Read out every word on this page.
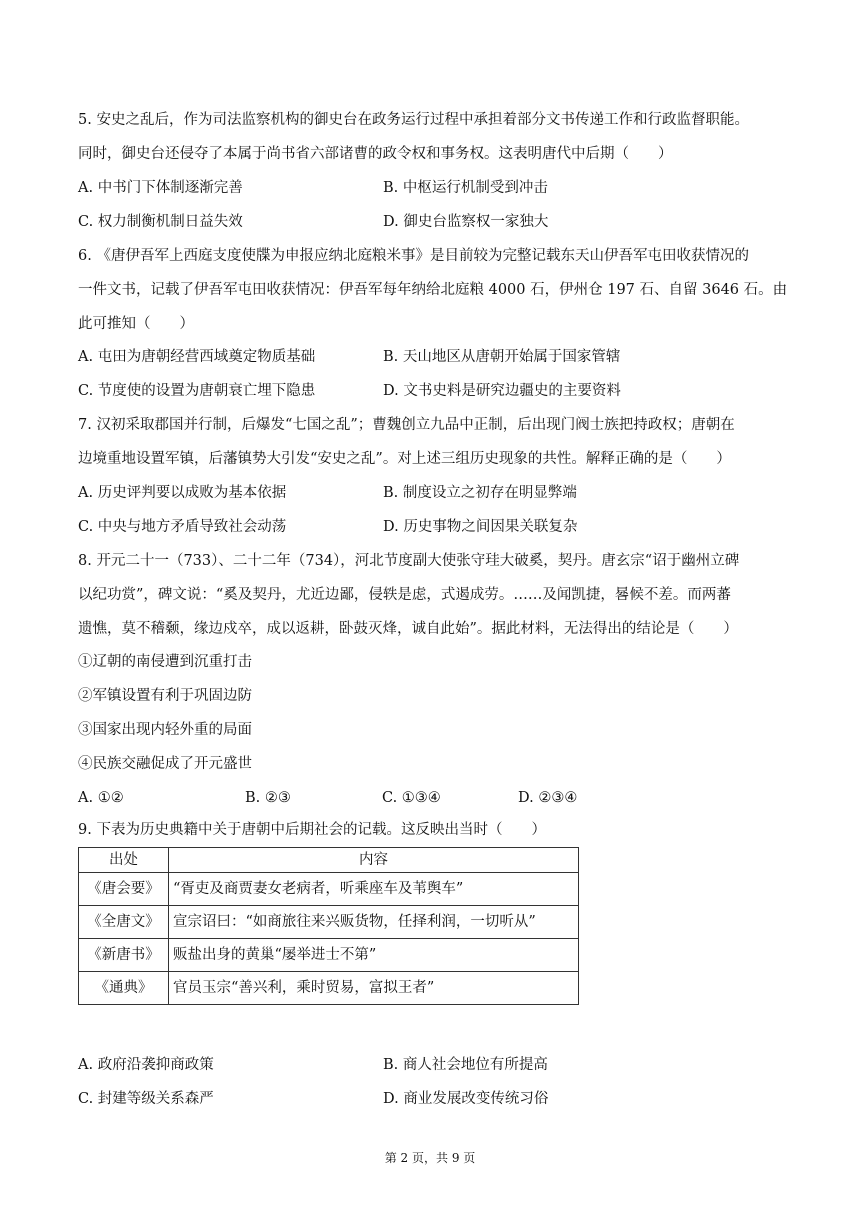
5. 安史之乱后，作为司法监察机构的御史台在政务运行过程中承担着部分文书传递工作和行政监督职能。
同时，御史台还侵夺了本属于尚书省六部诸曹的政令权和事务权。这表明唐代中后期（　　）
A. 中书门下体制逐渐完善	B. 中枢运行机制受到冲击
C. 权力制衡机制日益失效	D. 御史台监察权一家独大
6. 《唐伊吾军上西庭支度使牒为申报应纳北庭粮米事》是目前较为完整记载东天山伊吾军屯田收获情况的
一件文书，记载了伊吾军屯田收获情况：伊吾军每年纳给北庭粮 4000 石，伊州仓 197 石、自留 3646 石。由
此可推知（　　）
A. 屯田为唐朝经营西域奠定物质基础	B. 天山地区从唐朝开始属于国家管辖
C. 节度使的设置为唐朝衰亡埋下隐患	D. 文书史料是研究边疆史的主要资料
7. 汉初采取郡国并行制，后爆发“七国之乱”；曹魏创立九品中正制，后出现门阀士族把持政权；唐朝在
边境重地设置军镇，后藩镇势大引发“安史之乱”。对上述三组历史现象的共性。解释正确的是（　　）
A. 历史评判要以成败为基本依据	B. 制度设立之初存在明显弊端
C. 中央与地方矛盾导致社会动荡	D. 历史事物之间因果关联复杂
8. 开元二十一（733）、二十二年（734），河北节度副大使张守珪大破奚，契丹。唐玄宗“诏于幽州立碑
以纪功赏”，碑文说：“奚及契丹，尤近边鄙，侵轶是虑，式遏成劳。……及闻凯捷，晷候不差。而两蕃
遗憔，莫不稽颡，缘边戍卒，成以返耕，卧鼓灭烽，诚自此始”。据此材料，无法得出的结论是（　　）
①辽朝的南侵遭到沉重打击
②军镇设置有利于巩固边防
③国家出现内轻外重的局面
④民族交融促成了开元盛世
A. ①②	B. ②③	C. ①③④	D. ②③④
9. 下表为历史典籍中关于唐朝中后期社会的记载。这反映出当时（　　）
出处	内容
《唐会要》	“胥吏及商贾妻女老病者，听乘座车及苇舆车”
《全唐文》	宣宗诏曰：“如商旅往来兴贩货物，任择利润，一切听从”
《新唐书》	贩盐出身的黄巢“屡举进士不第”
《通典》	官员玉宗“善兴利，乘时贸易，富拟王者”
A. 政府沿袭抑商政策	B. 商人社会地位有所提高
C. 封建等级关系森严	D. 商业发展改变传统习俗
第 2 页，共 9 页
